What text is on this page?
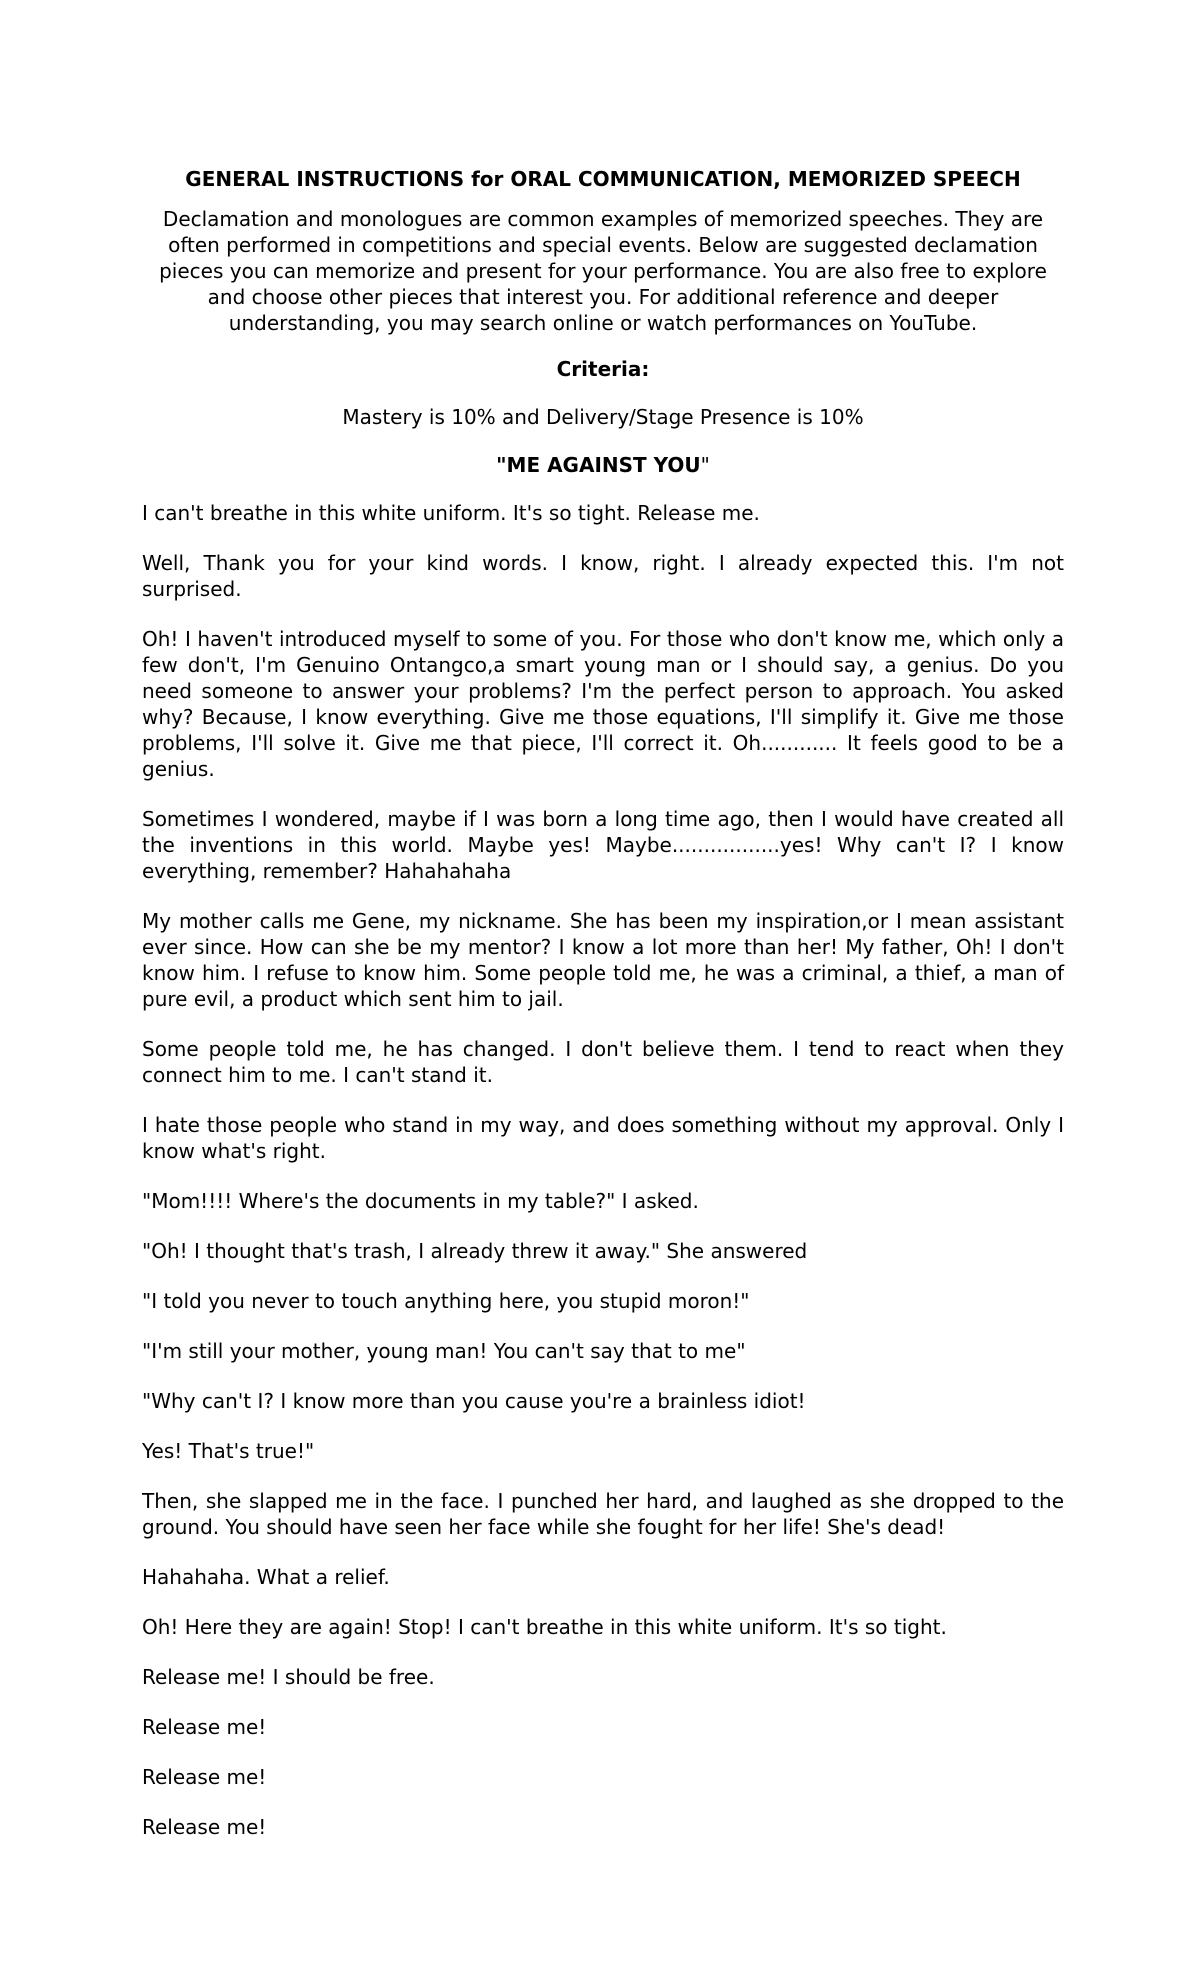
GENERAL INSTRUCTIONS for ORAL COMMUNICATION, MEMORIZED SPEECH

Declamation and monologues are common examples of memorized speeches. They are often performed in competitions and special events. Below are suggested declamation pieces you can memorize and present for your performance. You are also free to explore and choose other pieces that interest you. For additional reference and deeper understanding, you may search online or watch performances on YouTube.

Criteria:

Mastery is 10% and Delivery/Stage Presence is 10%

"ME AGAINST YOU"

I can't breathe in this white uniform. It's so tight. Release me.

Well, Thank you for your kind words. I know, right. I already expected this. I'm not surprised.

Oh! I haven't introduced myself to some of you. For those who don't know me, which only a few don't, I'm Genuino Ontangco,a smart young man or I should say, a genius. Do you need someone to answer your problems? I'm the perfect person to approach. You asked why? Because, I know everything. Give me those equations, I'll simplify it. Give me those problems, I'll solve it. Give me that piece, I'll correct it. Oh............ It feels good to be a genius.

Sometimes I wondered, maybe if I was born a long time ago, then I would have created all the inventions in this world. Maybe yes! Maybe.................yes! Why can't I? I know everything, remember? Hahahahaha

My mother calls me Gene, my nickname. She has been my inspiration,or I mean assistant ever since. How can she be my mentor? I know a lot more than her! My father, Oh! I don't know him. I refuse to know him. Some people told me, he was a criminal, a thief, a man of pure evil, a product which sent him to jail.

Some people told me, he has changed. I don't believe them. I tend to react when they connect him to me. I can't stand it.

I hate those people who stand in my way, and does something without my approval. Only I know what's right.

"Mom!!!! Where's the documents in my table?" I asked.

"Oh! I thought that's trash, I already threw it away." She answered

"I told you never to touch anything here, you stupid moron!"

"I'm still your mother, young man! You can't say that to me"

"Why can't I? I know more than you cause you're a brainless idiot!

Yes! That's true!"

Then, she slapped me in the face. I punched her hard, and laughed as she dropped to the ground. You should have seen her face while she fought for her life! She's dead!

Hahahaha. What a relief.

Oh! Here they are again! Stop! I can't breathe in this white uniform. It's so tight.

Release me! I should be free.

Release me!

Release me!

Release me!
